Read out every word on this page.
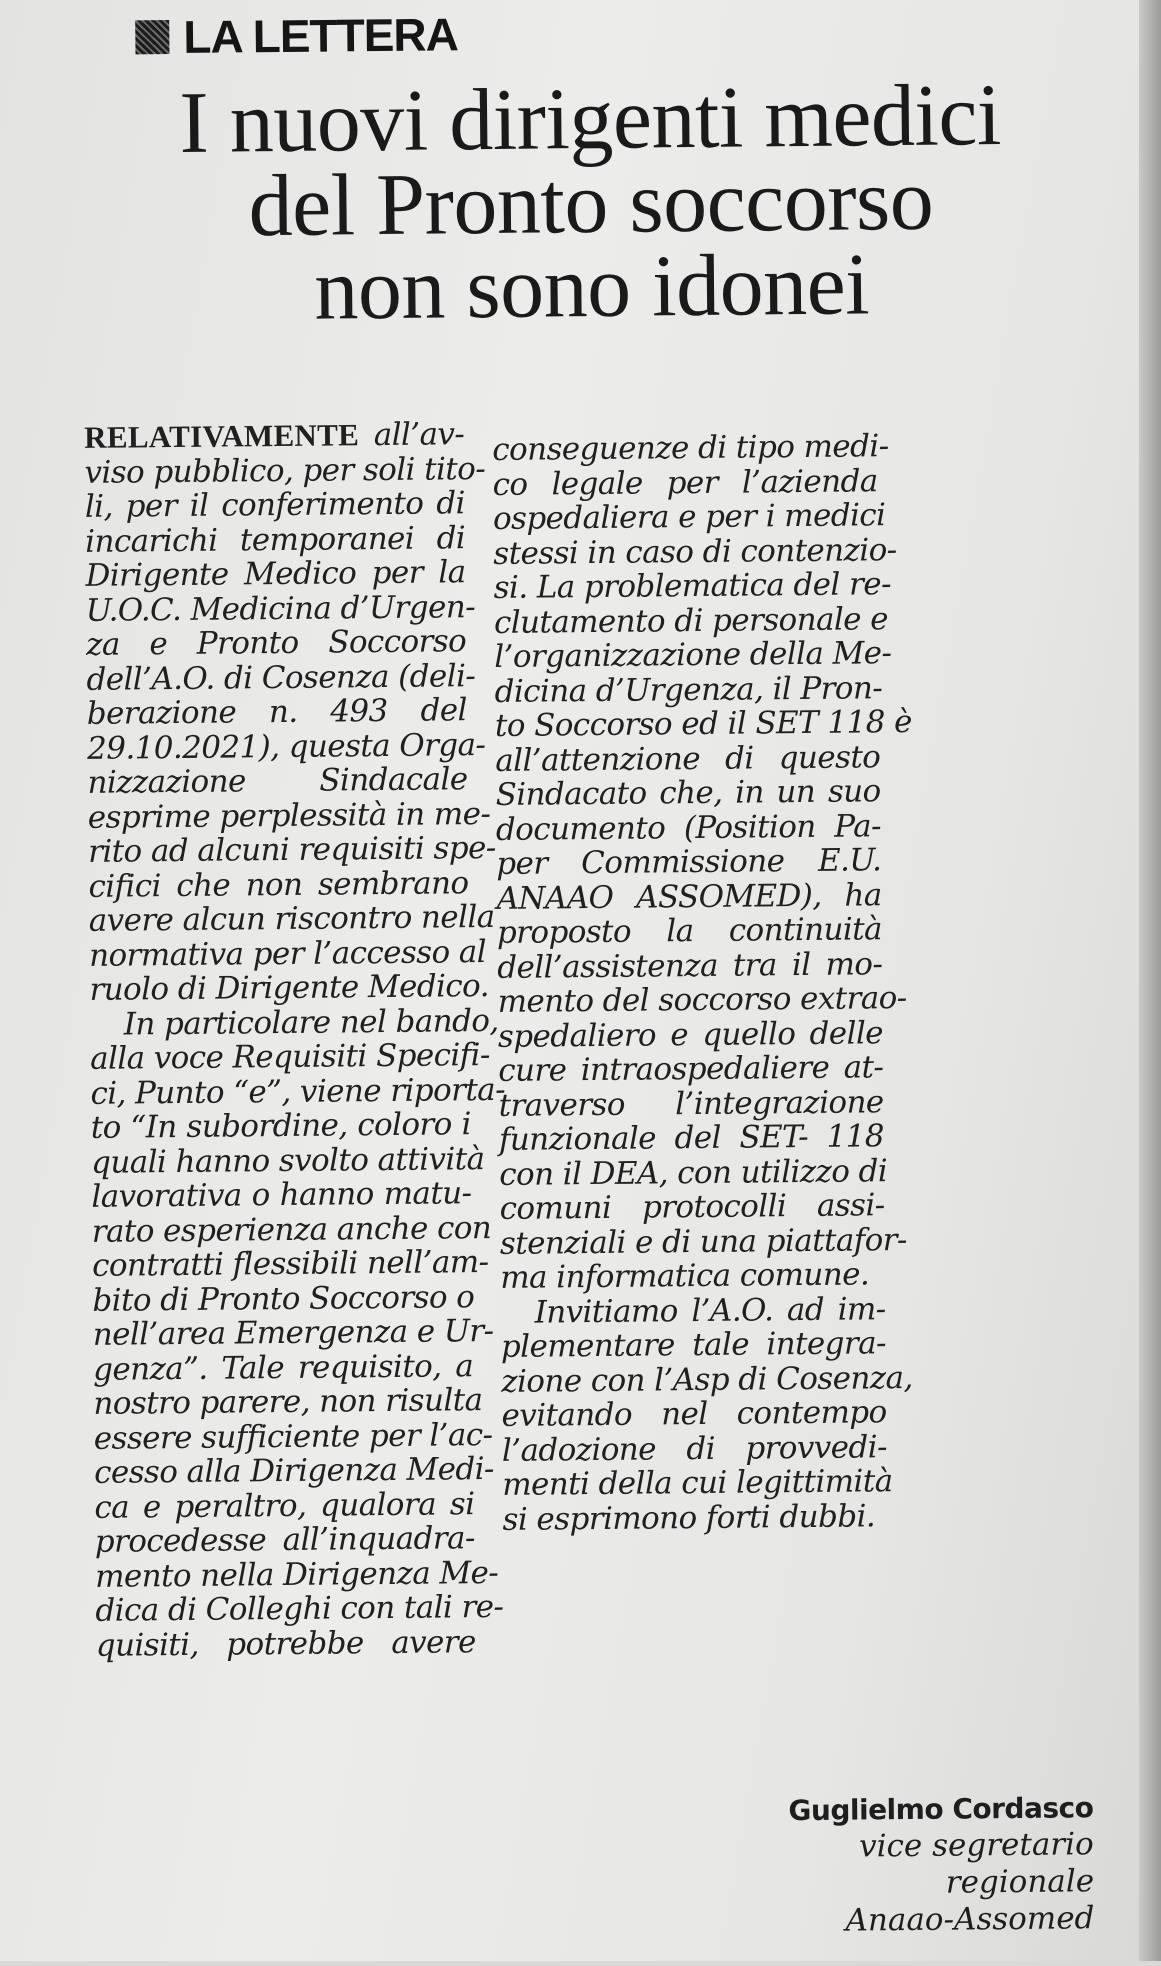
LA LETTERA
I nuovi dirigenti medici
del Pronto soccorso
non sono idonei
RELATIVAMENTE all’av-
viso pubblico, per soli tito-
li, per il conferimento di
incarichi temporanei di
Dirigente Medico per la
U.O.C. Medicina d’Urgen-
za e Pronto Soccorso
dell’A.O. di Cosenza (deli-
berazione n. 493 del
29.10.2021), questa Orga-
nizzazione Sindacale
esprime perplessità in me-
rito ad alcuni requisiti spe-
cifici che non sembrano
avere alcun riscontro nella
normativa per l’accesso al
ruolo di Dirigente Medico.
In particolare nel bando,
alla voce Requisiti Specifi-
ci, Punto “e”, viene riporta-
to “In subordine, coloro i
quali hanno svolto attività
lavorativa o hanno matu-
rato esperienza anche con
contratti flessibili nell’am-
bito di Pronto Soccorso o
nell’area Emergenza e Ur-
genza”. Tale requisito, a
nostro parere, non risulta
essere sufficiente per l’ac-
cesso alla Dirigenza Medi-
ca e peraltro, qualora si
procedesse all’inquadra-
mento nella Dirigenza Me-
dica di Colleghi con tali re-
quisiti, potrebbe avere
conseguenze di tipo medi-
co legale per l’azienda
ospedaliera e per i medici
stessi in caso di contenzio-
si. La problematica del re-
clutamento di personale e
l’organizzazione della Me-
dicina d’Urgenza, il Pron-
to Soccorso ed il SET 118 è
all’attenzione di questo
Sindacato che, in un suo
documento (Position Pa-
per Commissione E.U.
ANAAO ASSOMED), ha
proposto la continuità
dell’assistenza tra il mo-
mento del soccorso extrao-
spedaliero e quello delle
cure intraospedaliere at-
traverso l’integrazione
funzionale del SET- 118
con il DEA, con utilizzo di
comuni protocolli assi-
stenziali e di una piattafor-
ma informatica comune.
Invitiamo l’A.O. ad im-
plementare tale integra-
zione con l’Asp di Cosenza,
evitando nel contempo
l’adozione di provvedi-
menti della cui legittimità
si esprimono forti dubbi.
Guglielmo Cordasco
vice segretario
regionale
Anaao-Assomed
